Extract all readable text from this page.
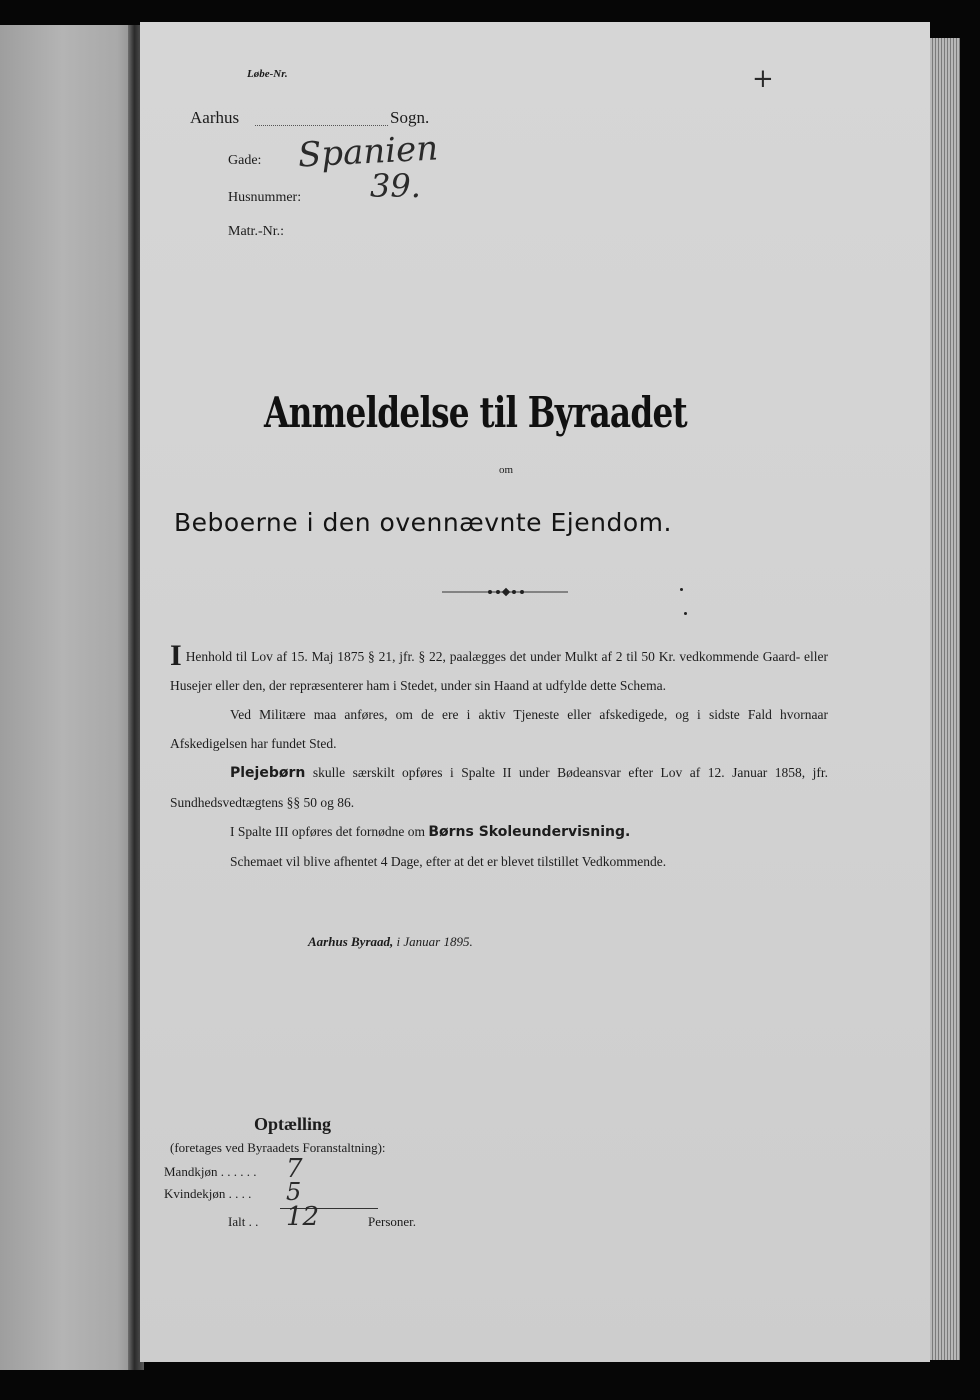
Løbe-Nr.	+
Aarhus	Sogn.
Gade: Spanien
Husnummer: 39.
Matr.-Nr.:
Anmeldelse til Byraadet
om
Beboerne i den ovennævnte Ejendom.

I Henhold til Lov af 15. Maj 1875 § 21, jfr. § 22, paalægges det under Mulkt af 2 til 50 Kr. vedkommende Gaard- eller Husejer eller den, der repræsenterer ham i Stedet, under sin Haand at udfylde dette Schema.

Ved Militære maa anføres, om de ere i aktiv Tjeneste eller afskedigede, og i sidste Fald hvornaar Afskedigelsen har fundet Sted.

Plejebørn skulle særskilt opføres i Spalte II under Bødeansvar efter Lov af 12. Januar 1858, jfr. Sundhedsvedtægtens §§ 50 og 86.

I Spalte III opføres det fornødne om Børns Skoleundervisning.

Schemaet vil blive afhentet 4 Dage, efter at det er blevet tilstillet Vedkommende.

Aarhus Byraad, i Januar 1895.
Optælling
(foretages ved Byraadets Foranstaltning):
Mandkjøn . . . . . . 7
Kvindekjøn . . . . 5
Ialt . . 12	Personer.
